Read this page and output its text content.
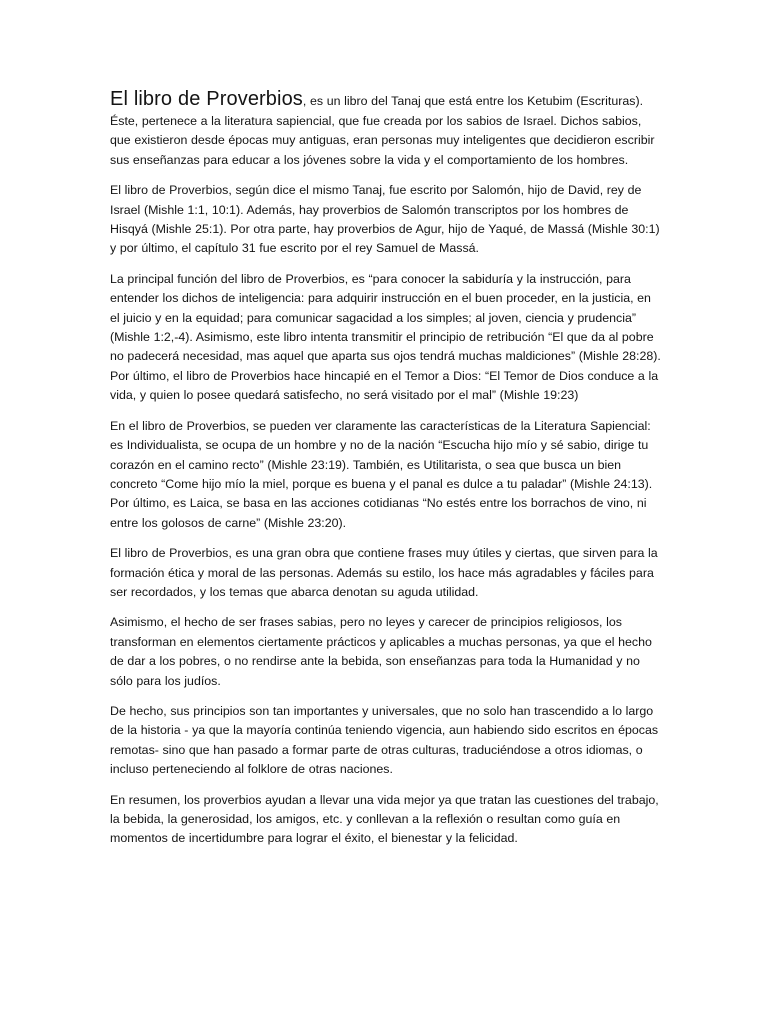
El libro de Proverbios, es un libro del Tanaj que está entre los Ketubim (Escrituras). Éste, pertenece a la literatura sapiencial, que fue creada por los sabios de Israel. Dichos sabios, que existieron desde épocas muy antiguas, eran personas muy inteligentes que decidieron escribir sus enseñanzas para educar a los jóvenes sobre la vida y el comportamiento de los hombres.

El libro de Proverbios, según dice el mismo Tanaj, fue escrito por Salomón, hijo de David, rey de Israel (Mishle 1:1, 10:1). Además, hay proverbios de Salomón transcriptos por los hombres de Hisqyá (Mishle 25:1). Por otra parte, hay proverbios de Agur, hijo de Yaqué, de Massá (Mishle 30:1) y por último, el capítulo 31 fue escrito por el rey Samuel de Massá.

La principal función del libro de Proverbios, es “para conocer la sabiduría y la instrucción, para entender los dichos de inteligencia: para adquirir instrucción en el buen proceder, en la justicia, en el juicio y en la equidad; para comunicar sagacidad a los simples; al joven, ciencia y prudencia” (Mishle 1:2,-4). Asimismo, este libro intenta transmitir el principio de retribución “El que da al pobre no padecerá necesidad, mas aquel que aparta sus ojos tendrá muchas maldiciones” (Mishle 28:28). Por último, el libro de Proverbios hace hincapié en el Temor a Dios: “El Temor de Dios conduce a la vida, y quien lo posee quedará satisfecho, no será visitado por el mal” (Mishle 19:23)

En el libro de Proverbios, se pueden ver claramente las características de la Literatura Sapiencial: es Individualista, se ocupa de un hombre y no de la nación “Escucha hijo mío y sé sabio, dirige tu corazón en el camino recto” (Mishle 23:19). También, es Utilitarista, o sea que busca un bien concreto “Come hijo mío la miel, porque es buena y el panal es dulce a tu paladar” (Mishle 24:13). Por último, es Laica, se basa en las acciones cotidianas “No estés entre los borrachos de vino, ni entre los golosos de carne” (Mishle 23:20).

El libro de Proverbios, es una gran obra que contiene frases muy útiles y ciertas, que sirven para la formación ética y moral de las personas. Además su estilo, los hace más agradables y fáciles para ser recordados, y los temas que abarca denotan su aguda utilidad.

Asimismo, el hecho de ser frases sabias, pero no leyes y carecer de principios religiosos, los transforman en elementos ciertamente prácticos y aplicables a muchas personas, ya que el hecho de dar a los pobres, o no rendirse ante la bebida, son enseñanzas para toda la Humanidad y no sólo para los judíos.

De hecho, sus principios son tan importantes y universales, que no solo han trascendido a lo largo de la historia - ya que la mayoría continúa teniendo vigencia, aun habiendo sido escritos en épocas remotas- sino que han pasado a formar parte de otras culturas, traduciéndose a otros idiomas, o incluso perteneciendo al folklore de otras naciones.

En resumen, los proverbios ayudan a llevar una vida mejor ya que tratan las cuestiones del trabajo, la bebida, la generosidad, los amigos, etc. y conllevan a la reflexión o resultan como guía en momentos de incertidumbre para lograr el éxito, el bienestar y la felicidad.
